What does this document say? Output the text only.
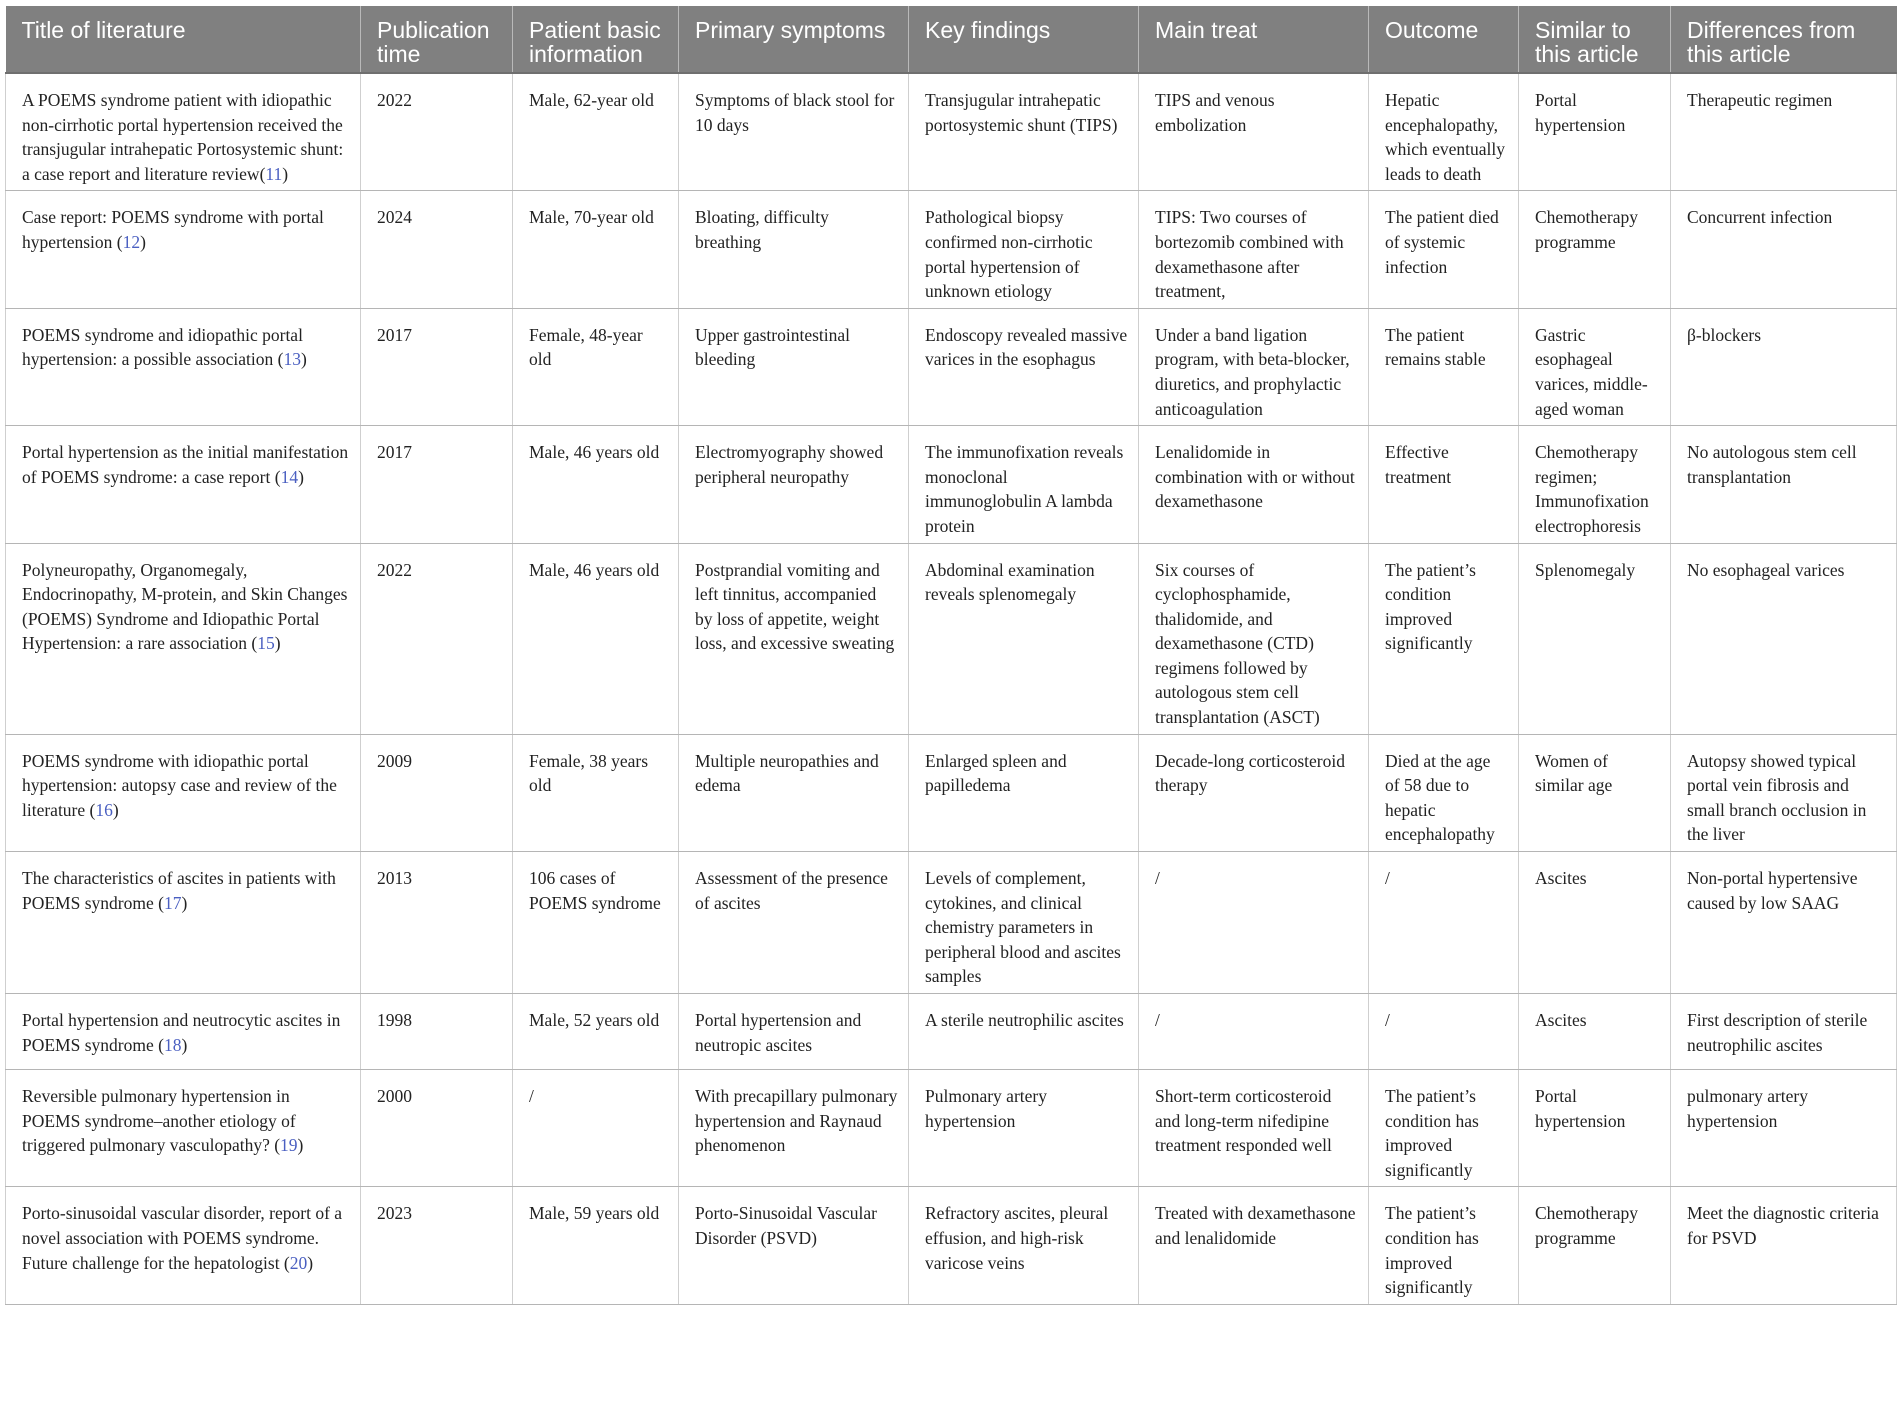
Title of literature	Publication time	Patient basic information	Primary symptoms	Key findings	Main treat	Outcome	Similar to this article	Differences from this article
A POEMS syndrome patient with idiopathic non-cirrhotic portal hypertension received the transjugular intrahepatic Portosystemic shunt: a case report and literature review(11)	2022	Male, 62-year old	Symptoms of black stool for 10 days	Transjugular intrahepatic portosystemic shunt (TIPS)	TIPS and venous embolization	Hepatic encephalopathy, which eventually leads to death	Portal hypertension	Therapeutic regimen
Case report: POEMS syndrome with portal hypertension (12)	2024	Male, 70-year old	Bloating, difficulty breathing	Pathological biopsy confirmed non-cirrhotic portal hypertension of unknown etiology	TIPS: Two courses of bortezomib combined with dexamethasone after treatment,	The patient died of systemic infection	Chemotherapy programme	Concurrent infection
POEMS syndrome and idiopathic portal hypertension: a possible association (13)	2017	Female, 48-year old	Upper gastrointestinal bleeding	Endoscopy revealed massive varices in the esophagus	Under a band ligation program, with beta-blocker, diuretics, and prophylactic anticoagulation	The patient remains stable	Gastric esophageal varices, middle-aged woman	β-blockers
Portal hypertension as the initial manifestation of POEMS syndrome: a case report (14)	2017	Male, 46 years old	Electromyography showed peripheral neuropathy	The immunofixation reveals monoclonal immunoglobulin A lambda protein	Lenalidomide in combination with or without dexamethasone	Effective treatment	Chemotherapy regimen; Immunofixation electrophoresis	No autologous stem cell transplantation
Polyneuropathy, Organomegaly, Endocrinopathy, M-protein, and Skin Changes (POEMS) Syndrome and Idiopathic Portal Hypertension: a rare association (15)	2022	Male, 46 years old	Postprandial vomiting and left tinnitus, accompanied by loss of appetite, weight loss, and excessive sweating	Abdominal examination reveals splenomegaly	Six courses of cyclophosphamide, thalidomide, and dexamethasone (CTD) regimens followed by autologous stem cell transplantation (ASCT)	The patient’s condition improved significantly	Splenomegaly	No esophageal varices
POEMS syndrome with idiopathic portal hypertension: autopsy case and review of the literature (16)	2009	Female, 38 years old	Multiple neuropathies and edema	Enlarged spleen and papilledema	Decade-long corticosteroid therapy	Died at the age of 58 due to hepatic encephalopathy	Women of similar age	Autopsy showed typical portal vein fibrosis and small branch occlusion in the liver
The characteristics of ascites in patients with POEMS syndrome (17)	2013	106 cases of POEMS syndrome	Assessment of the presence of ascites	Levels of complement, cytokines, and clinical chemistry parameters in peripheral blood and ascites samples	/	/	Ascites	Non-portal hypertensive caused by low SAAG
Portal hypertension and neutrocytic ascites in POEMS syndrome (18)	1998	Male, 52 years old	Portal hypertension and neutropic ascites	A sterile neutrophilic ascites	/	/	Ascites	First description of sterile neutrophilic ascites
Reversible pulmonary hypertension in POEMS syndrome–another etiology of triggered pulmonary vasculopathy? (19)	2000	/	With precapillary pulmonary hypertension and Raynaud phenomenon	Pulmonary artery hypertension	Short-term corticosteroid and long-term nifedipine treatment responded well	The patient’s condition has improved significantly	Portal hypertension	pulmonary artery hypertension
Porto-sinusoidal vascular disorder, report of a novel association with POEMS syndrome. Future challenge for the hepatologist (20)	2023	Male, 59 years old	Porto-Sinusoidal Vascular Disorder (PSVD)	Refractory ascites, pleural effusion, and high-risk varicose veins	Treated with dexamethasone and lenalidomide	The patient’s condition has improved significantly	Chemotherapy programme	Meet the diagnostic criteria for PSVD
